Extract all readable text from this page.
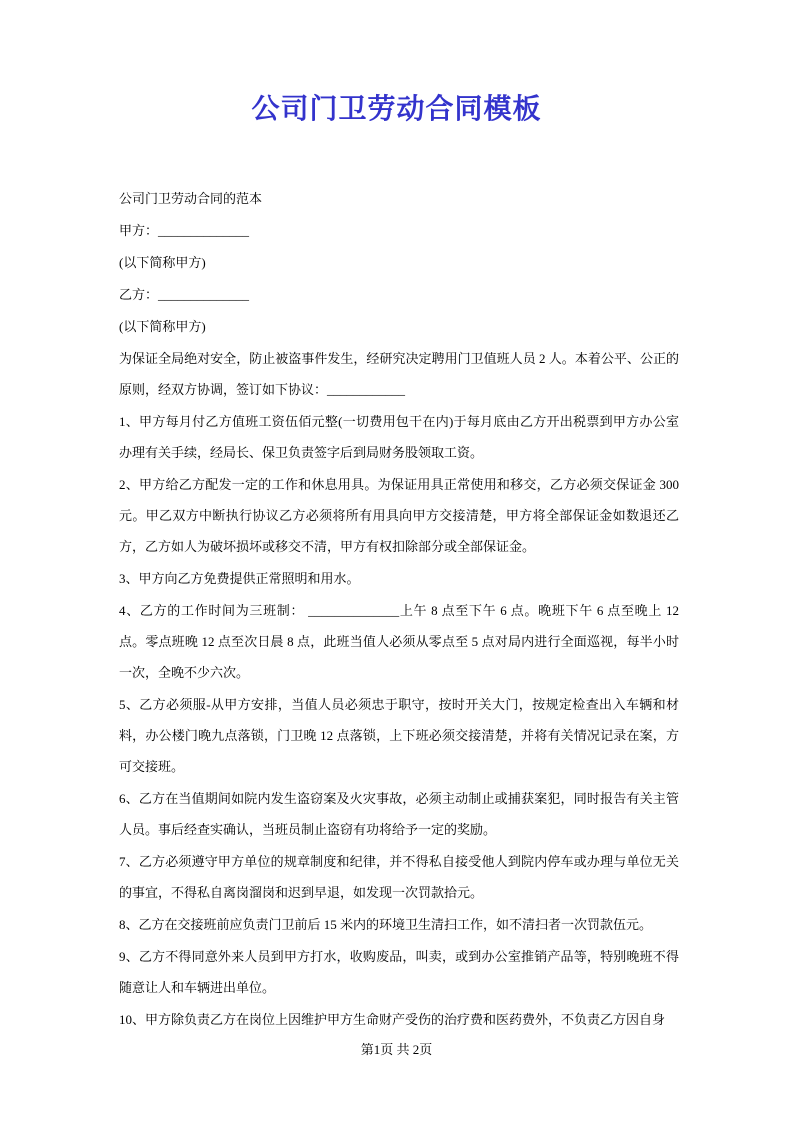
公司门卫劳动合同模板

公司门卫劳动合同的范本

甲方：______________

(以下简称甲方)

乙方：______________

(以下简称甲方)

为保证全局绝对安全，防止被盗事件发生，经研究决定聘用门卫值班人员 2 人。本着公平、公正的原则，经双方协调，签订如下协议：____________

1、甲方每月付乙方值班工资伍佰元整(一切费用包干在内)于每月底由乙方开出税票到甲方办公室办理有关手续，经局长、保卫负责签字后到局财务股领取工资。

2、甲方给乙方配发一定的工作和休息用具。为保证用具正常使用和移交，乙方必须交保证金 300 元。甲乙双方中断执行协议乙方必须将所有用具向甲方交接清楚，甲方将全部保证金如数退还乙方，乙方如人为破坏损坏或移交不清，甲方有权扣除部分或全部保证金。

3、甲方向乙方免费提供正常照明和用水。

4、乙方的工作时间为三班制： ______________上午 8 点至下午 6 点。晚班下午 6 点至晚上 12 点。零点班晚 12 点至次日晨 8 点，此班当值人必须从零点至 5 点对局内进行全面巡视，每半小时一次，全晚不少六次。

5、乙方必须服-从甲方安排，当值人员必须忠于职守，按时开关大门，按规定检查出入车辆和材料，办公楼门晚九点落锁，门卫晚 12 点落锁，上下班必须交接清楚，并将有关情况记录在案，方可交接班。

6、乙方在当值期间如院内发生盗窃案及火灾事故，必须主动制止或捕获案犯，同时报告有关主管人员。事后经查实确认，当班员制止盗窃有功将给予一定的奖励。

7、乙方必须遵守甲方单位的规章制度和纪律，并不得私自接受他人到院内停车或办理与单位无关的事宜，不得私自离岗溜岗和迟到早退，如发现一次罚款拾元。

8、乙方在交接班前应负责门卫前后 15 米内的环境卫生清扫工作，如不清扫者一次罚款伍元。

9、乙方不得同意外来人员到甲方打水，收购废品，叫卖，或到办公室推销产品等，特别晚班不得随意让人和车辆进出单位。

10、甲方除负责乙方在岗位上因维护甲方生命财产受伤的治疗费和医药费外，不负责乙方因自身

第1页 共 2页
